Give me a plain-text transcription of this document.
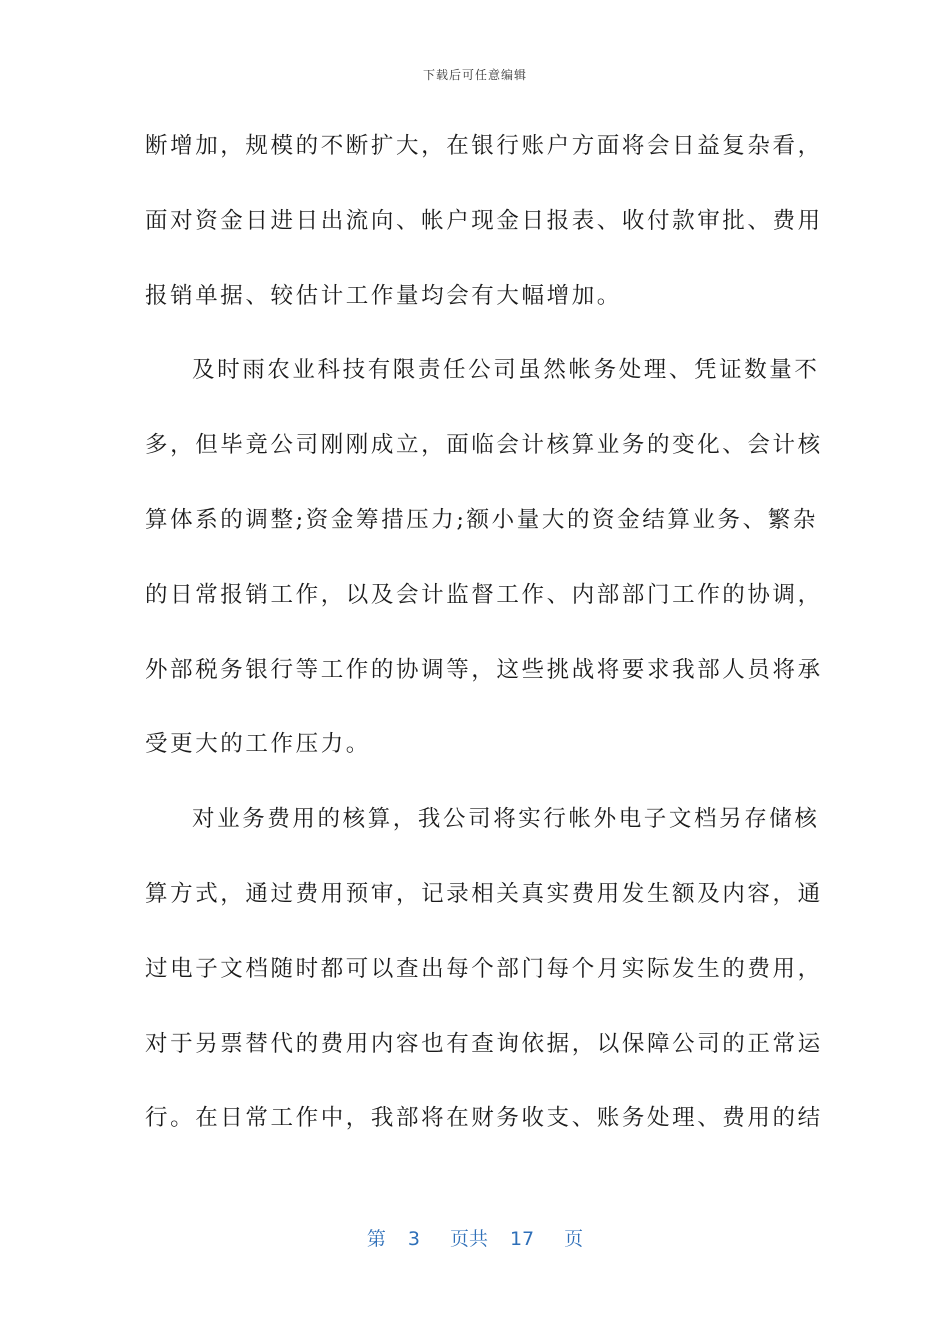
下载后可任意编辑
断增加，规模的不断扩大，在银行账户方面将会日益复杂看，
面对资金日进日出流向、帐户现金日报表、收付款审批、费用
报销单据、较估计工作量均会有大幅增加。
及时雨农业科技有限责任公司虽然帐务处理、凭证数量不
多，但毕竟公司刚刚成立，面临会计核算业务的变化、会计核
算体系的调整;资金筹措压力;额小量大的资金结算业务、繁杂
的日常报销工作，以及会计监督工作、内部部门工作的协调，
外部税务银行等工作的协调等，这些挑战将要求我部人员将承
受更大的工作压力。
对业务费用的核算，我公司将实行帐外电子文档另存储核
算方式，通过费用预审，记录相关真实费用发生额及内容，通
过电子文档随时都可以查出每个部门每个月实际发生的费用，
对于另票替代的费用内容也有查询依据，以保障公司的正常运
行。在日常工作中，我部将在财务收支、账务处理、费用的结
第 3 页共 17 页
